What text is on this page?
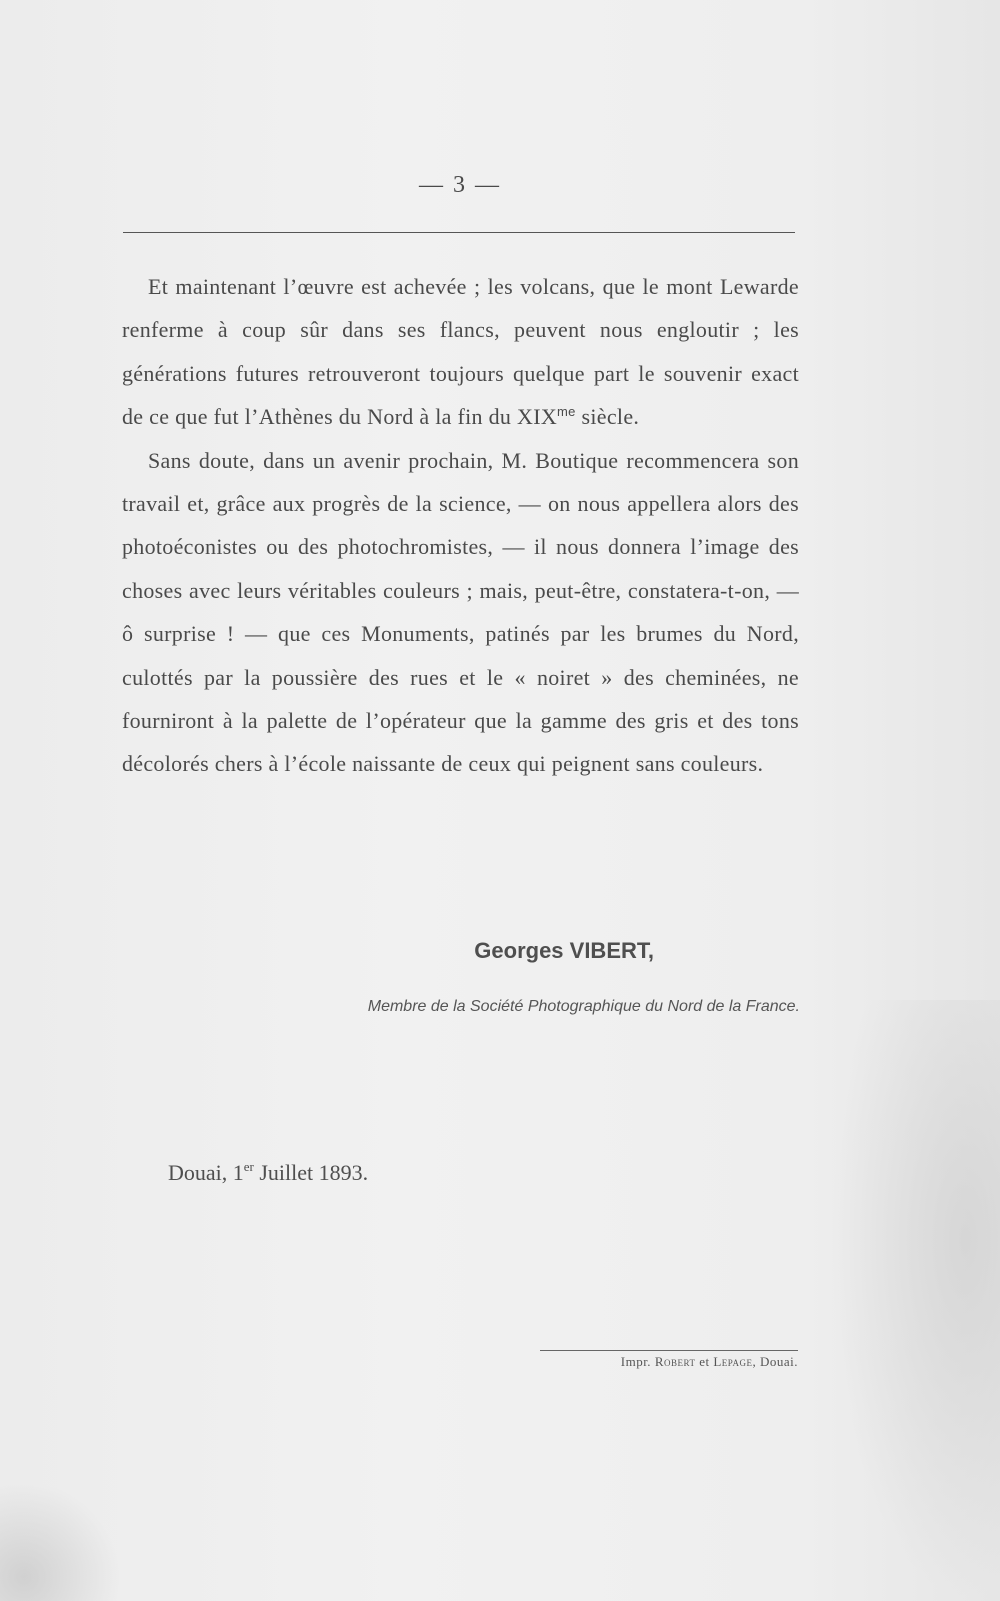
— 3 —

Et maintenant l’œuvre est achevée ; les volcans, que le mont Lewarde renferme à coup sûr dans ses flancs, peuvent nous engloutir ; les générations futures retrouveront toujours quelque part le souvenir exact de ce que fut l’Athènes du Nord à la fin du $XIX^{me}$ siècle.

Sans doute, dans un avenir prochain, M. Boutique recommencera son travail et, grâce aux progrès de la science, — on nous appellera alors des photoéconistes ou des photochromistes, — il nous donnera l’image des choses avec leurs véritables couleurs ; mais, peut-être, constatera-t-on, — ô surprise ! — que ces Monuments, patinés par les brumes du Nord, culottés par la poussière des rues et le « noiret » des cheminées, ne fourniront à la palette de l’opérateur que la gamme des gris et des tons décolorés chers à l’école naissante de ceux qui peignent sans couleurs.

Georges VIBERT,
Membre de la Société Photographique du Nord de la France.
Douai, 1er Juillet 1893.
Impr. Robert et Lepage, Douai.
